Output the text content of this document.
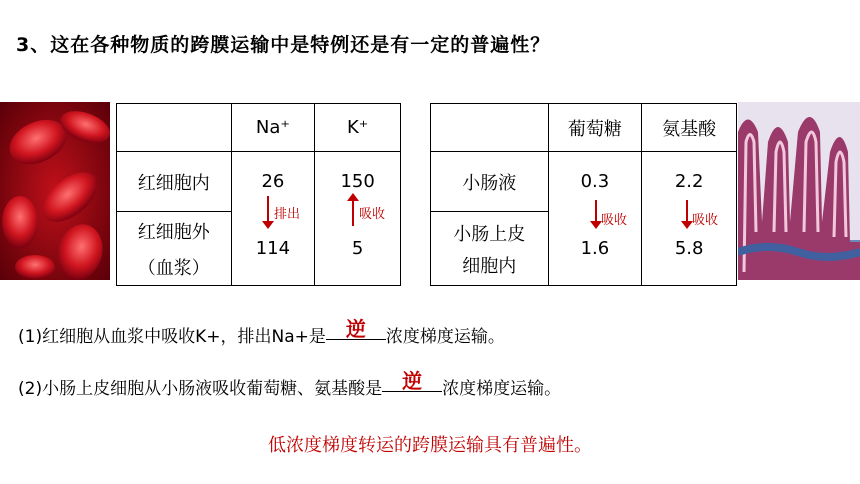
3、这在各种物质的跨膜运输中是特例还是有一定的普遍性？
	Na⁺	K⁺
红细胞内	26	150

红细胞外
（血浆）	114	5
排出	吸收
	葡萄糖	氨基酸
小肠液	0.3	2.2

小肠上皮
细胞内	1.6	5.8
吸收	吸收
(1)红细胞从血浆中吸收K+，排出Na+是 逆 浓度梯度运输。
(2)小肠上皮细胞从小肠液吸收葡萄糖、氨基酸是 逆 浓度梯度运输。
低浓度梯度转运的跨膜运输具有普遍性。
